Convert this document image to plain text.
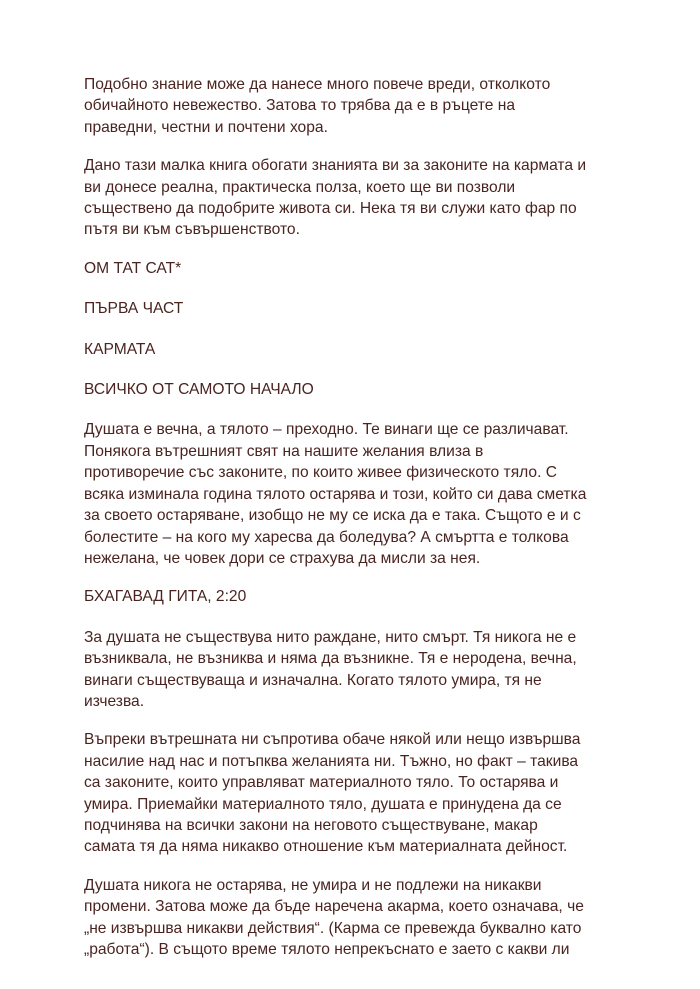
Подобно знание може да нанесе много повече вреди, отколкото
обичайното невежество. Затова то трябва да е в ръцете на
праведни, честни и почтени хора.

Дано тази малка книга обогати знанията ви за законите на кармата и
ви донесе реална, практическа полза, което ще ви позволи
съществено да подобрите живота си. Нека тя ви служи като фар по
пътя ви към съвършенството.

ОМ ТАТ САТ*

ПЪРВА ЧАСТ

КАРМАТА

ВСИЧКО ОТ САМОТО НАЧАЛО

Душата е вечна, а тялото – преходно. Те винаги ще се различават.
Понякога вътрешният свят на нашите желания влиза в
противоречие със законите, по които живее физическото тяло. С
всяка изминала година тялото остарява и този, който си дава сметка
за своето остаряване, изобщо не му се иска да е така. Същото е и с
болестите – на кого му харесва да боледува? А смъртта е толкова
нежелана, че човек дори се страхува да мисли за нея.

БХАГАВАД ГИТА, 2:20

За душата не съществува нито раждане, нито смърт. Тя никога не е
възниквала, не възниква и няма да възникне. Тя е неродена, вечна,
винаги съществуваща и изначална. Когато тялото умира, тя не
изчезва.

Въпреки вътрешната ни съпротива обаче някой или нещо извършва
насилие над нас и потъпква желанията ни. Тъжно, но факт – такива
са законите, които управляват материалното тяло. То остарява и
умира. Приемайки материалното тяло, душата е принудена да се
подчинява на всички закони на неговото съществуване, макар
самата тя да няма никакво отношение към материалната дейност.

Душата никога не остарява, не умира и не подлежи на никакви
промени. Затова може да бъде наречена акарма, което означава, че
„не извършва никакви действия“. (Карма се превежда буквално като
„работа“). В същото време тялото непрекъснато е заето с какви ли
